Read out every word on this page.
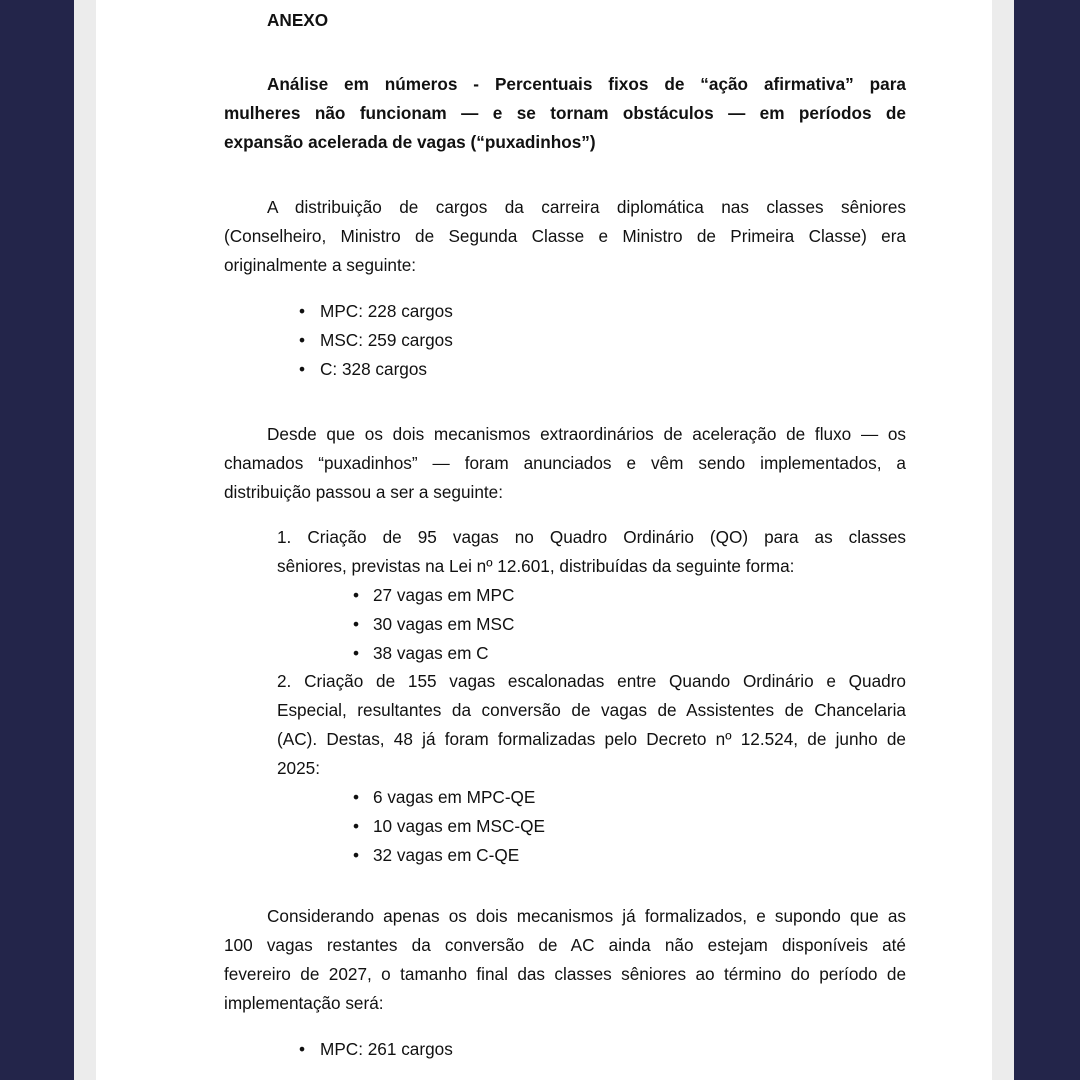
ANEXO
Análise em números - Percentuais fixos de “ação afirmativa” para
mulheres não funcionam — e se tornam obstáculos — em períodos de
expansão acelerada de vagas (“puxadinhos”)
A distribuição de cargos da carreira diplomática nas classes sêniores
(Conselheiro, Ministro de Segunda Classe e Ministro de Primeira Classe) era
originalmente a seguinte:
• MPC: 228 cargos
• MSC: 259 cargos
• C: 328 cargos
Desde que os dois mecanismos extraordinários de aceleração de fluxo — os
chamados “puxadinhos” — foram anunciados e vêm sendo implementados, a
distribuição passou a ser a seguinte:
1. Criação de 95 vagas no Quadro Ordinário (QO) para as classes
sêniores, previstas na Lei nº 12.601, distribuídas da seguinte forma:
• 27 vagas em MPC
• 30 vagas em MSC
• 38 vagas em C
2. Criação de 155 vagas escalonadas entre Quando Ordinário e Quadro
Especial, resultantes da conversão de vagas de Assistentes de Chancelaria
(AC). Destas, 48 já foram formalizadas pelo Decreto nº 12.524, de junho de
2025:
• 6 vagas em MPC-QE
• 10 vagas em MSC-QE
• 32 vagas em C-QE
Considerando apenas os dois mecanismos já formalizados, e supondo que as
100 vagas restantes da conversão de AC ainda não estejam disponíveis até
fevereiro de 2027, o tamanho final das classes sêniores ao término do período de
implementação será:
• MPC: 261 cargos
